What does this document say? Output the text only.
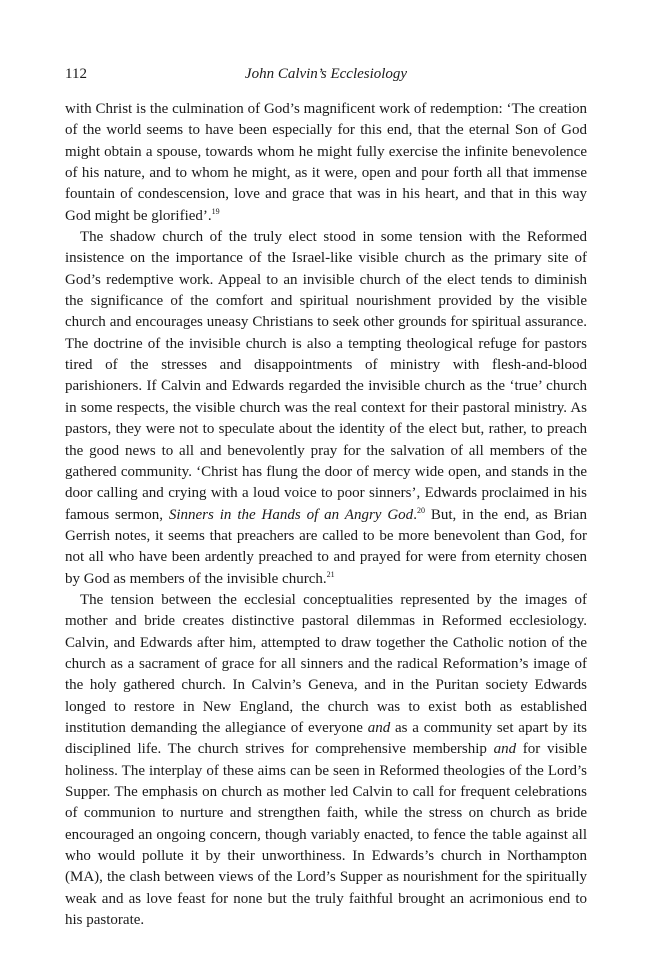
112	John Calvin’s Ecclesiology

with Christ is the culmination of God’s magnificent work of redemption: ‘The creation of the world seems to have been especially for this end, that the eternal Son of God might obtain a spouse, towards whom he might fully exercise the infinite benevolence of his nature, and to whom he might, as it were, open and pour forth all that immense fountain of condescension, love and grace that was in his heart, and that in this way God might be glorified’.$^{19}$

The shadow church of the truly elect stood in some tension with the Reformed insistence on the importance of the Israel-like visible church as the primary site of God’s redemptive work. Appeal to an invisible church of the elect tends to diminish the significance of the comfort and spiritual nourishment provided by the visible church and encourages uneasy Christians to seek other grounds for spiritual assurance. The doctrine of the invisible church is also a tempting theological refuge for pastors tired of the stresses and disappointments of ministry with flesh-and-blood parishioners. If Calvin and Edwards regarded the invisible church as the ‘true’ church in some respects, the visible church was the real context for their pastoral ministry. As pastors, they were not to speculate about the identity of the elect but, rather, to preach the good news to all and benevolently pray for the salvation of all members of the gathered community. ‘Christ has flung the door of mercy wide open, and stands in the door calling and crying with a loud voice to poor sinners’, Edwards proclaimed in his famous sermon, Sinners in the Hands of an Angry God.$^{20}$ But, in the end, as Brian Gerrish notes, it seems that preachers are called to be more benevolent than God, for not all who have been ardently preached to and prayed for were from eternity chosen by God as members of the invisible church.$^{21}$

The tension between the ecclesial conceptualities represented by the images of mother and bride creates distinctive pastoral dilemmas in Reformed ecclesiology. Calvin, and Edwards after him, attempted to draw together the Catholic notion of the church as a sacrament of grace for all sinners and the radical Reformation’s image of the holy gathered church. In Calvin’s Geneva, and in the Puritan society Edwards longed to restore in New England, the church was to exist both as established institution demanding the allegiance of everyone and as a community set apart by its disciplined life. The church strives for comprehensive membership and for visible holiness. The interplay of these aims can be seen in Reformed theologies of the Lord’s Supper. The emphasis on church as mother led Calvin to call for frequent celebrations of communion to nurture and strengthen faith, while the stress on church as bride encouraged an ongoing concern, though variably enacted, to fence the table against all who would pollute it by their unworthiness. In Edwards’s church in Northampton (MA), the clash between views of the Lord’s Supper as nourishment for the spiritually weak and as love feast for none but the truly faithful brought an acrimonious end to his pastorate.
